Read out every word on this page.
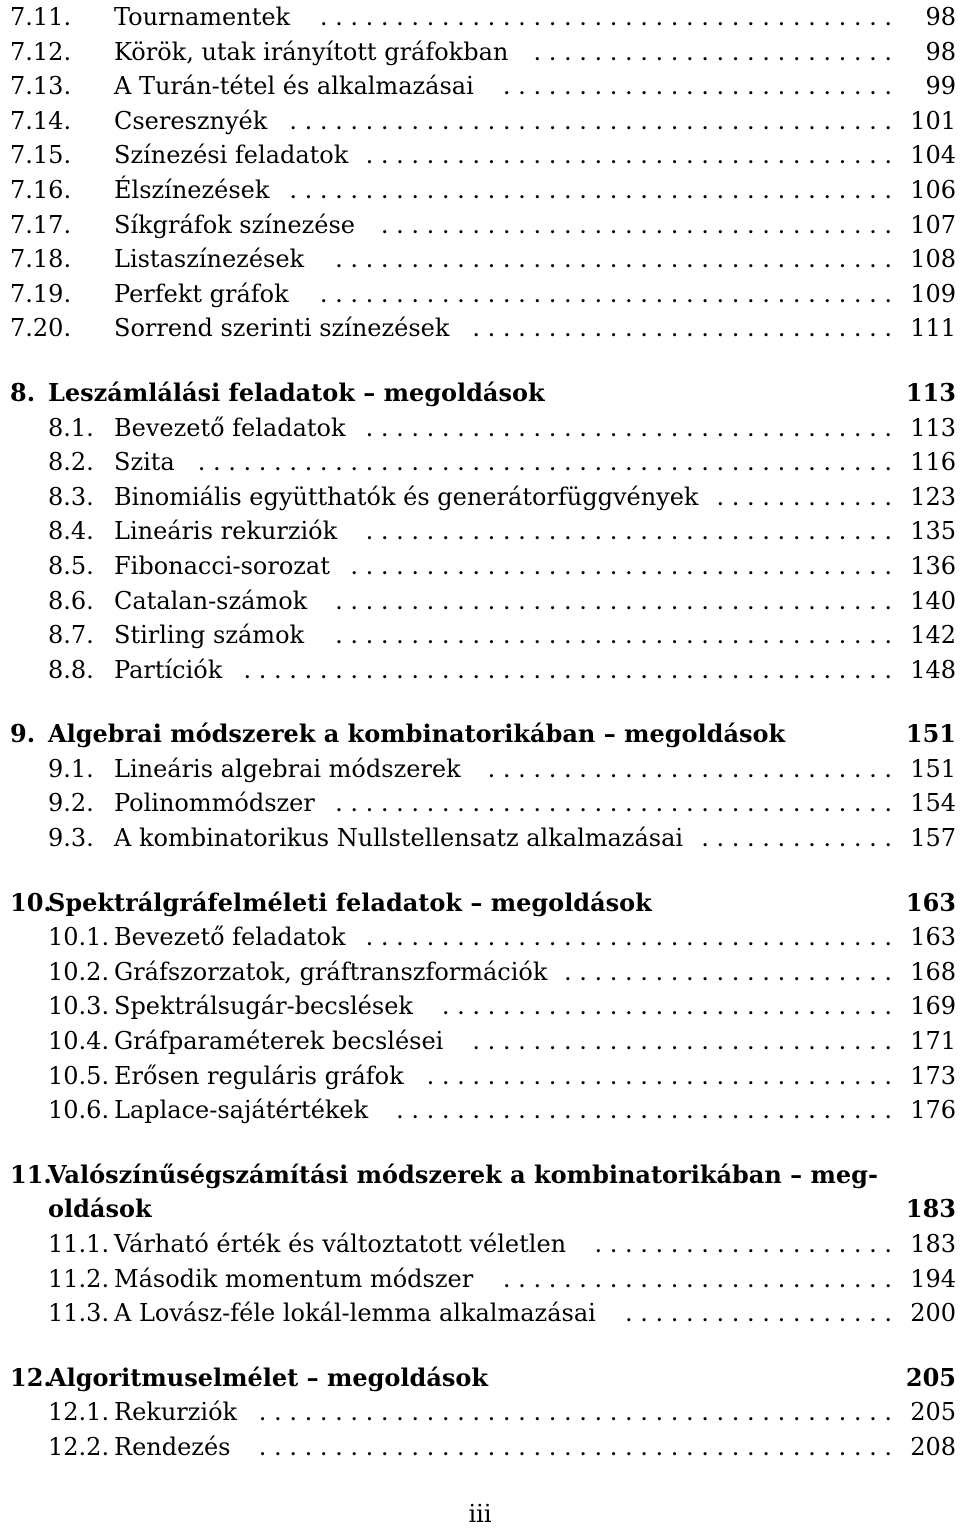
7.11. Tournamentek . . . . . . . . . . . . . . . . . . . . . . . . . . . . . . . . . . . . . . 98
7.12. Körök, utak irányított gráfokban . . . . . . . . . . . . . . . . . . . . . . . . 98
7.13. A Turán-tétel és alkalmazásai . . . . . . . . . . . . . . . . . . . . . . . . . . 99
7.14. Cseresznyék . . . . . . . . . . . . . . . . . . . . . . . . . . . . . . . . . . . . . . . . 101
7.15. Színezési feladatok . . . . . . . . . . . . . . . . . . . . . . . . . . . . . . . . . . . 104
7.16. Élszínezések . . . . . . . . . . . . . . . . . . . . . . . . . . . . . . . . . . . . . . . . 106
7.17. Síkgráfok színezése . . . . . . . . . . . . . . . . . . . . . . . . . . . . . . . . . . 107
7.18. Listaszínezések . . . . . . . . . . . . . . . . . . . . . . . . . . . . . . . . . . . . . 108
7.19. Perfekt gráfok . . . . . . . . . . . . . . . . . . . . . . . . . . . . . . . . . . . . . . 109
7.20. Sorrend szerinti színezések . . . . . . . . . . . . . . . . . . . . . . . . . . . . 111
8. Leszámlálási feladatok – megoldások	113
8.1. Bevezető feladatok . . . . . . . . . . . . . . . . . . . . . . . . . . . . . . . . . . . 113
8.2. Szita . . . . . . . . . . . . . . . . . . . . . . . . . . . . . . . . . . . . . . . . . . . . . . 116
8.3. Binomiális együtthatók és generátorfüggvények . . . . . . . . . . . . 123
8.4. Lineáris rekurziók . . . . . . . . . . . . . . . . . . . . . . . . . . . . . . . . . . . 135
8.5. Fibonacci-sorozat . . . . . . . . . . . . . . . . . . . . . . . . . . . . . . . . . . . . 136
8.6. Catalan-számok . . . . . . . . . . . . . . . . . . . . . . . . . . . . . . . . . . . . . 140
8.7. Stirling számok . . . . . . . . . . . . . . . . . . . . . . . . . . . . . . . . . . . . . 142
8.8. Partíciók . . . . . . . . . . . . . . . . . . . . . . . . . . . . . . . . . . . . . . . . . . . 148
9. Algebrai módszerek a kombinatorikában – megoldások	151
9.1. Lineáris algebrai módszerek . . . . . . . . . . . . . . . . . . . . . . . . . . . 151
9.2. Polinommódszer . . . . . . . . . . . . . . . . . . . . . . . . . . . . . . . . . . . . . 154
9.3. A kombinatorikus Nullstellensatz alkalmazásai . . . . . . . . . . . . . 157
10.
Spektrálgráfelméleti feladatok – megoldások	163
10.1. Bevezető feladatok . . . . . . . . . . . . . . . . . . . . . . . . . . . . . . . . . . . 163
10.2. Gráfszorzatok, gráftranszformációk . . . . . . . . . . . . . . . . . . . . . . 168
10.3. Spektrálsugár-becslések . . . . . . . . . . . . . . . . . . . . . . . . . . . . . . 169
10.4. Gráfparaméterek becslései . . . . . . . . . . . . . . . . . . . . . . . . . . . . 171
10.5. Erősen reguláris gráfok . . . . . . . . . . . . . . . . . . . . . . . . . . . . . . . 173
10.6. Laplace-sajátértékek . . . . . . . . . . . . . . . . . . . . . . . . . . . . . . . . . 176
11.
Valószínűségszámítási módszerek a kombinatorikában – meg-
oldások	183
11.1. Várható érték és változtatott véletlen . . . . . . . . . . . . . . . . . . . . 183
11.2. Második momentum módszer . . . . . . . . . . . . . . . . . . . . . . . . . . 194
11.3. A Lovász-féle lokál-lemma alkalmazásai . . . . . . . . . . . . . . . . . . 200
12.
Algoritmuselmélet – megoldások	205
12.1. Rekurziók . . . . . . . . . . . . . . . . . . . . . . . . . . . . . . . . . . . . . . . . . . 205
12.2. Rendezés . . . . . . . . . . . . . . . . . . . . . . . . . . . . . . . . . . . . . . . . . . 208
iii
